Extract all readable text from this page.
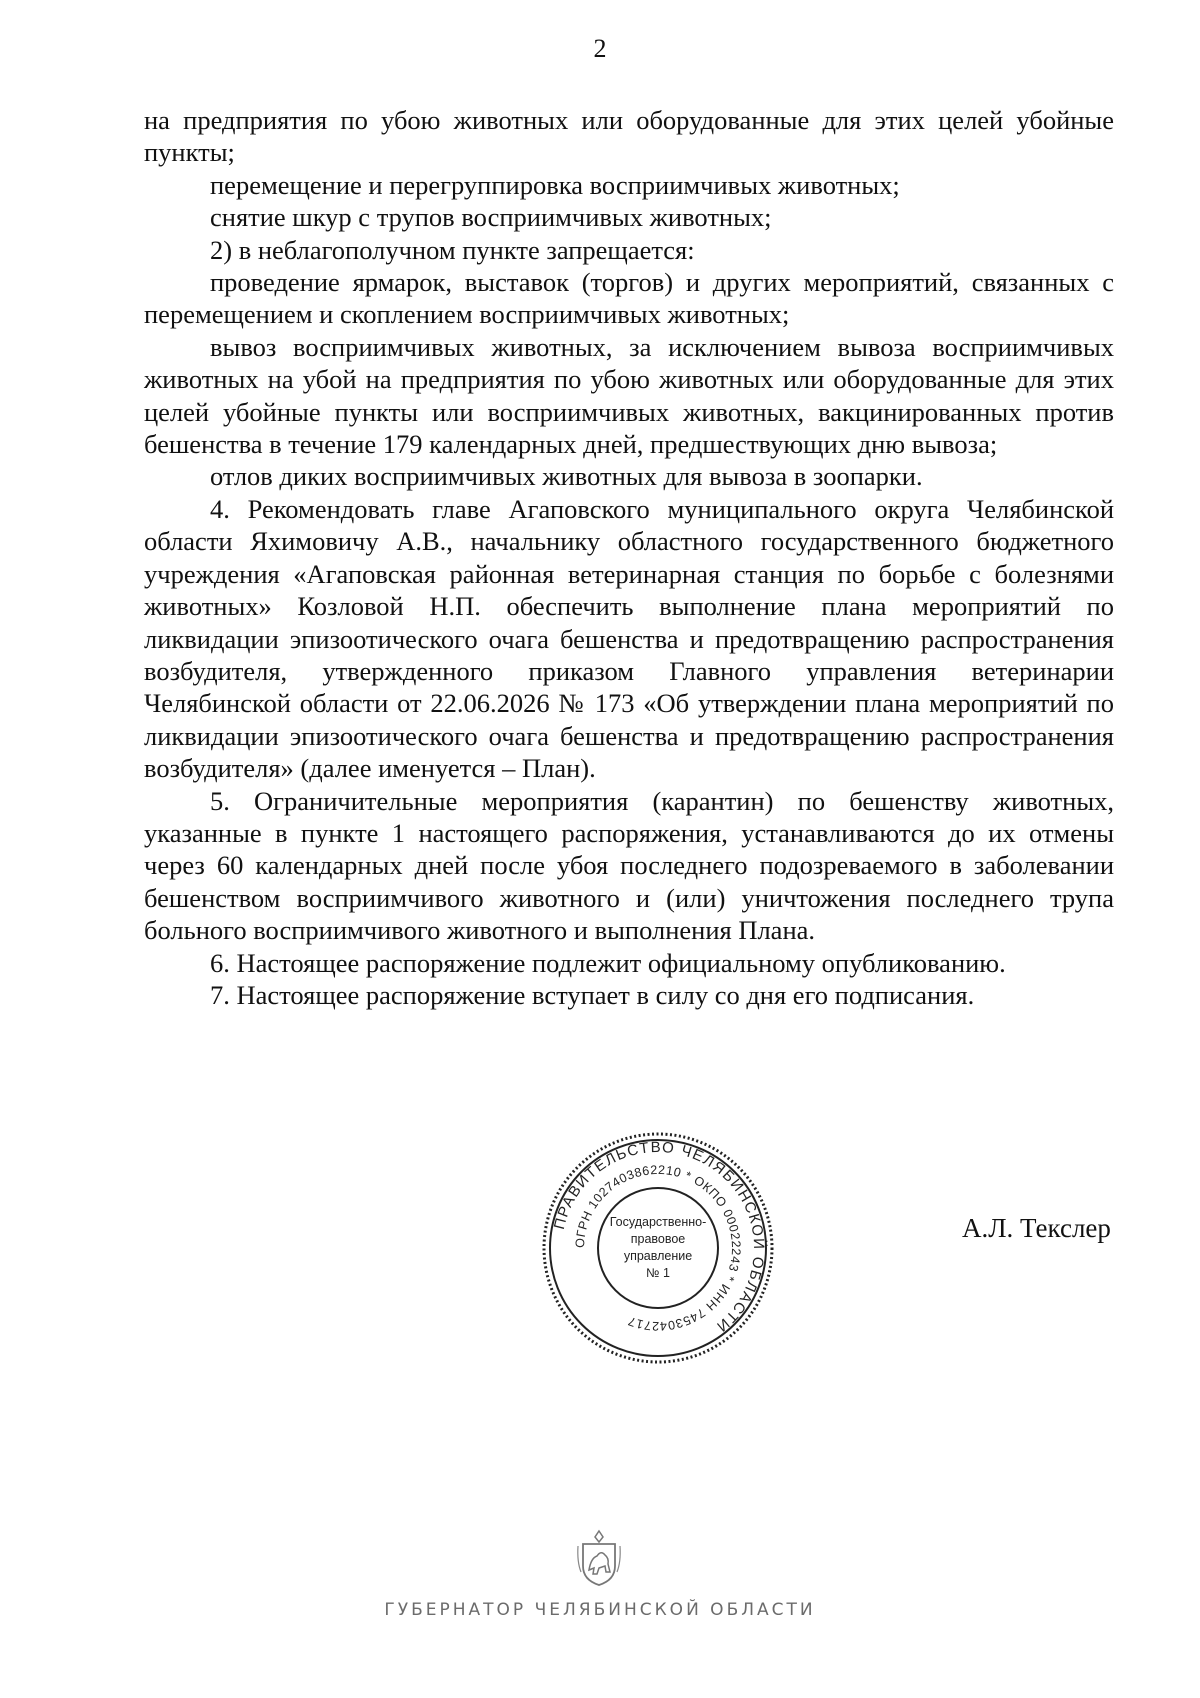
2

на предприятия по убою животных или оборудованные для этих целей убойные пункты;

перемещение и перегруппировка восприимчивых животных;

снятие шкур с трупов восприимчивых животных;

2) в неблагополучном пункте запрещается:

проведение ярмарок, выставок (торгов) и других мероприятий, связанных с перемещением и скоплением восприимчивых животных;

вывоз восприимчивых животных, за исключением вывоза восприимчивых животных на убой на предприятия по убою животных или оборудованные для этих целей убойные пункты или восприимчивых животных, вакцинированных против бешенства в течение 179 календарных дней, предшествующих дню вывоза;

отлов диких восприимчивых животных для вывоза в зоопарки.

4. Рекомендовать главе Агаповского муниципального округа Челябинской области Яхимовичу А.В., начальнику областного государственного бюджетного учреждения «Агаповская районная ветеринарная станция по борьбе с болезнями животных» Козловой Н.П. обеспечить выполнение плана мероприятий по ликвидации эпизоотического очага бешенства и предотвращению распространения возбудителя, утвержденного приказом Главного управления ветеринарии Челябинской области от 22.06.2026 № 173 «Об утверждении плана мероприятий по ликвидации эпизоотического очага бешенства и предотвращению распространения возбудителя» (далее именуется – План).

5. Ограничительные мероприятия (карантин) по бешенству животных, указанные в пункте 1 настоящего распоряжения, устанавливаются до их отмены через 60 календарных дней после убоя последнего подозреваемого в заболевании бешенством восприимчивого животного и (или) уничтожения последнего трупа больного восприимчивого животного и выполнения Плана.

6. Настоящее распоряжение подлежит официальному опубликованию.

7. Настоящее распоряжение вступает в силу со дня его подписания.

ПРАВИТЕЛЬСТВО ЧЕЛЯБИНСКОЙ ОБЛАСТИ
ОГРН 1027403862210 * ОКПО 00022243 * ИНН 7453042717
Государственно-
правовое
управление
№ 1
А.Л. Текслер
ГУБЕРНАТОР ЧЕЛЯБИНСКОЙ ОБЛАСТИ
